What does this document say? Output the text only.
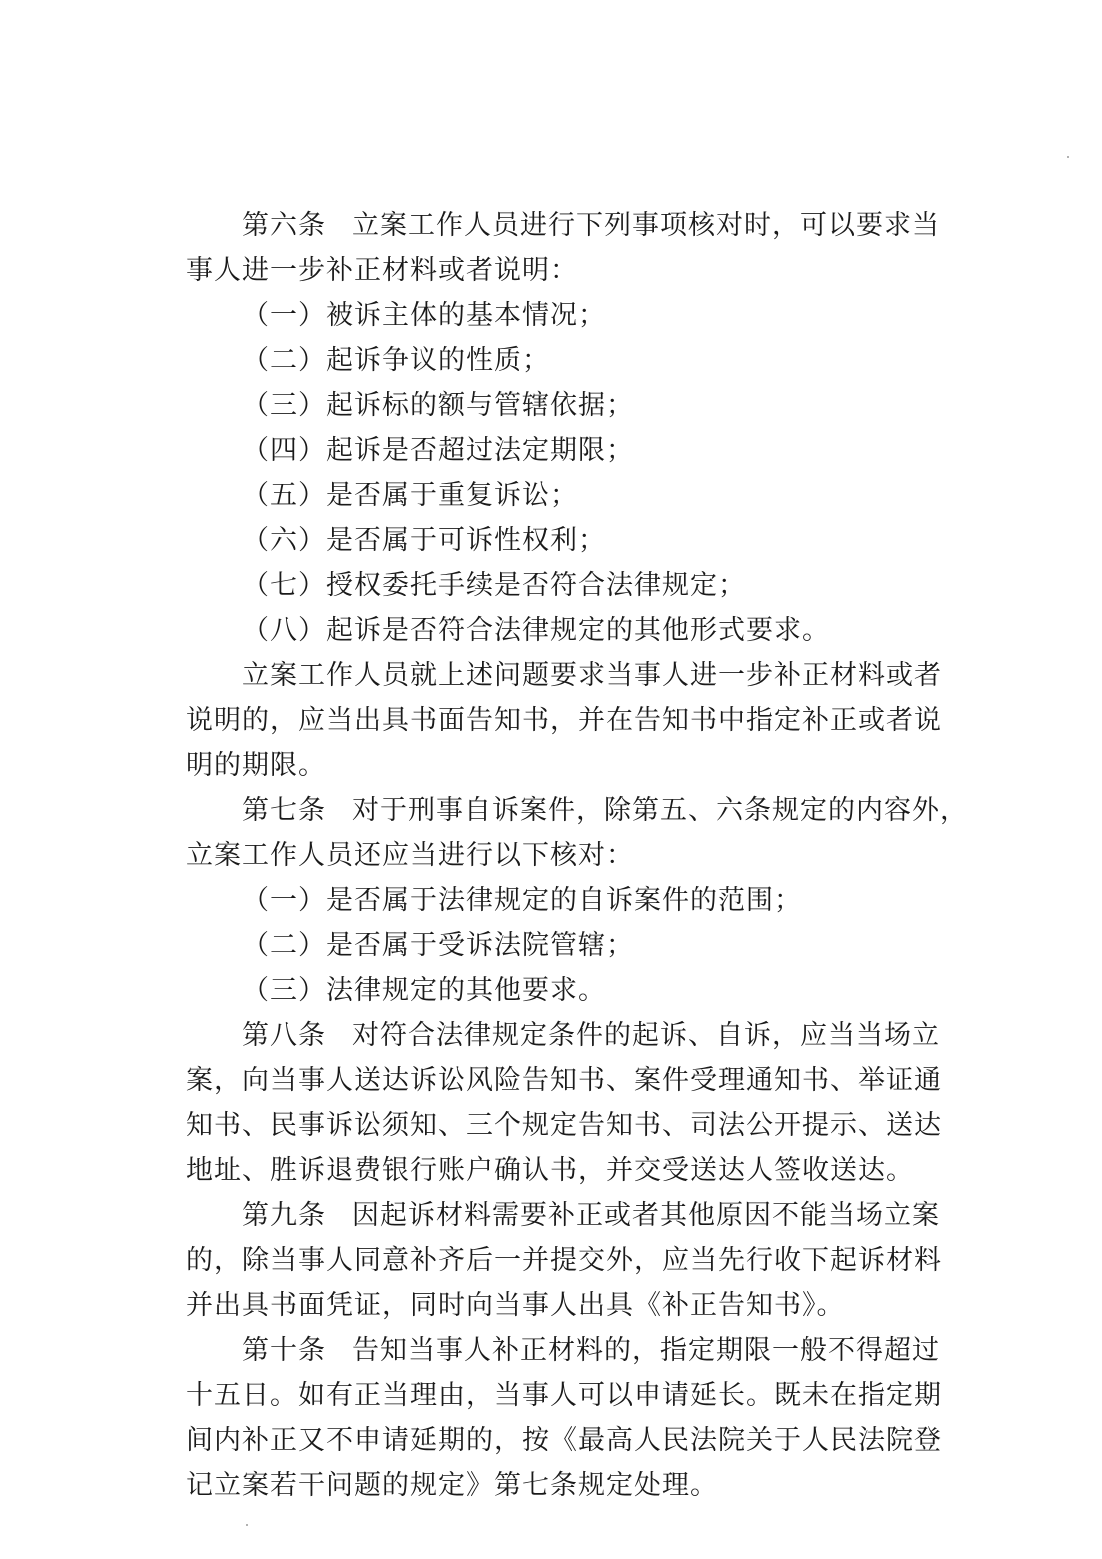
第六条 立案工作人员进行下列事项核对时，可以要求当
事人进一步补正材料或者说明：
（一）被诉主体的基本情况；
（二）起诉争议的性质；
（三）起诉标的额与管辖依据；
（四）起诉是否超过法定期限；
（五）是否属于重复诉讼；
（六）是否属于可诉性权利；
（七）授权委托手续是否符合法律规定；
（八）起诉是否符合法律规定的其他形式要求。
立案工作人员就上述问题要求当事人进一步补正材料或者
说明的，应当出具书面告知书，并在告知书中指定补正或者说
明的期限。
第七条 对于刑事自诉案件，除第五、六条规定的内容外，
立案工作人员还应当进行以下核对：
（一）是否属于法律规定的自诉案件的范围；
（二）是否属于受诉法院管辖；
（三）法律规定的其他要求。
第八条 对符合法律规定条件的起诉、自诉，应当当场立
案，向当事人送达诉讼风险告知书、案件受理通知书、举证通
知书、民事诉讼须知、三个规定告知书、司法公开提示、送达
地址、胜诉退费银行账户确认书，并交受送达人签收送达。
第九条 因起诉材料需要补正或者其他原因不能当场立案
的，除当事人同意补齐后一并提交外，应当先行收下起诉材料
并出具书面凭证，同时向当事人出具《补正告知书》。
第十条 告知当事人补正材料的，指定期限一般不得超过
十五日。如有正当理由，当事人可以申请延长。既未在指定期
间内补正又不申请延期的，按《最高人民法院关于人民法院登
记立案若干问题的规定》第七条规定处理。
